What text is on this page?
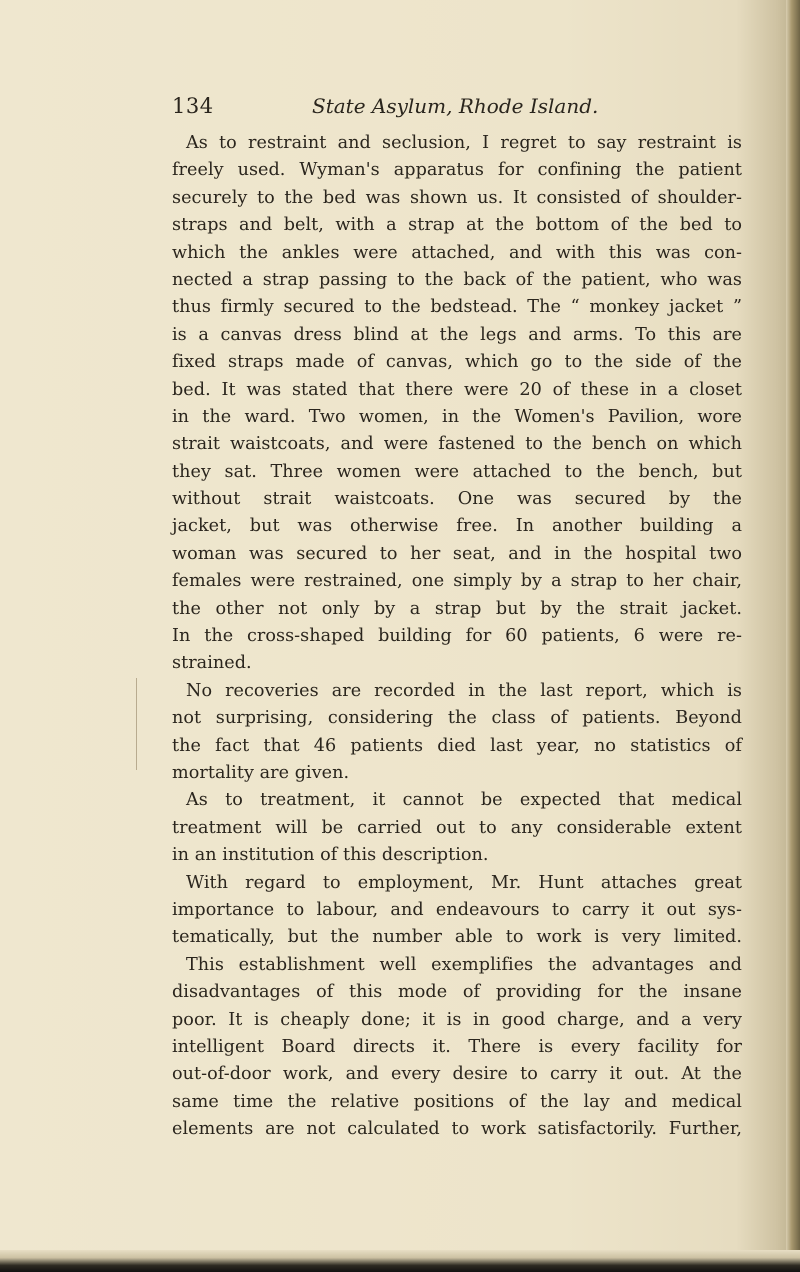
134	State Asylum, Rhode Island.
As to restraint and seclusion, I regret to say restraint is
freely used. Wyman's apparatus for confining the patient
securely to the bed was shown us. It consisted of shoulder-
straps and belt, with a strap at the bottom of the bed to
which the ankles were attached, and with this was con-
nected a strap passing to the back of the patient, who was
thus firmly secured to the bedstead. The “ monkey jacket ”
is a canvas dress blind at the legs and arms. To this are
fixed straps made of canvas, which go to the side of the
bed. It was stated that there were 20 of these in a closet
in the ward. Two women, in the Women's Pavilion, wore
strait waistcoats, and were fastened to the bench on which
they sat. Three women were attached to the bench, but
without strait waistcoats. One was secured by the
jacket, but was otherwise free. In another building a
woman was secured to her seat, and in the hospital two
females were restrained, one simply by a strap to her chair,
the other not only by a strap but by the strait jacket.
In the cross-shaped building for 60 patients, 6 were re-
strained.
No recoveries are recorded in the last report, which is
not surprising, considering the class of patients. Beyond
the fact that 46 patients died last year, no statistics of
mortality are given.
As to treatment, it cannot be expected that medical
treatment will be carried out to any considerable extent
in an institution of this description.
With regard to employment, Mr. Hunt attaches great
importance to labour, and endeavours to carry it out sys-
tematically, but the number able to work is very limited.
This establishment well exemplifies the advantages and
disadvantages of this mode of providing for the insane
poor. It is cheaply done; it is in good charge, and a very
intelligent Board directs it. There is every facility for
out-of-door work, and every desire to carry it out. At the
same time the relative positions of the lay and medical
elements are not calculated to work satisfactorily. Further,
